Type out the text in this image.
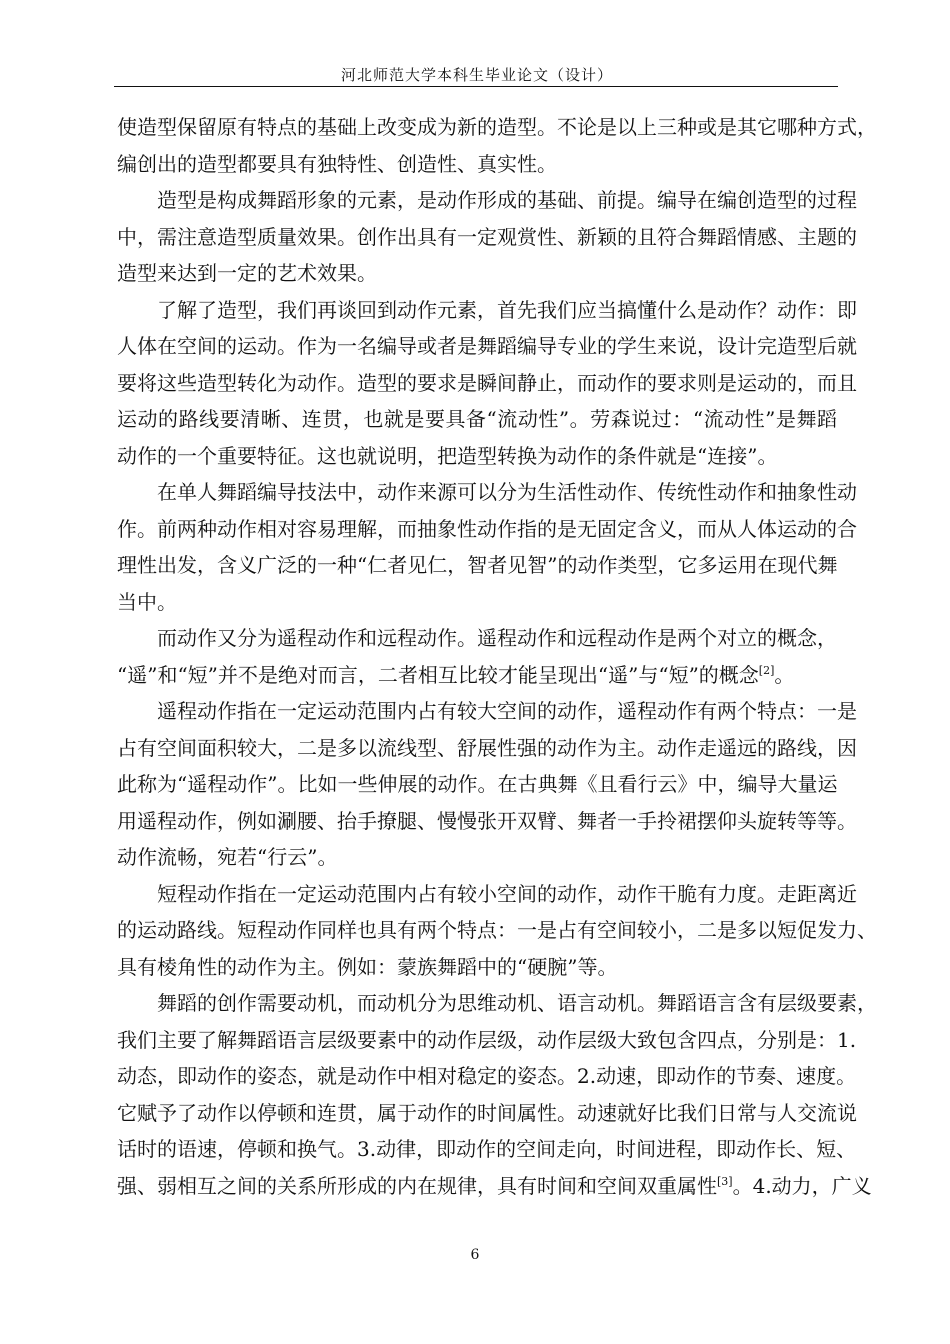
河北师范大学本科生毕业论文（设计）
使造型保留原有特点的基础上改变成为新的造型。不论是以上三种或是其它哪种方式，
编创出的造型都要具有独特性、创造性、真实性。
造型是构成舞蹈形象的元素，是动作形成的基础、前提。编导在编创造型的过程
中，需注意造型质量效果。创作出具有一定观赏性、新颖的且符合舞蹈情感、主题的
造型来达到一定的艺术效果。
了解了造型，我们再谈回到动作元素，首先我们应当搞懂什么是动作？动作：即
人体在空间的运动。作为一名编导或者是舞蹈编导专业的学生来说，设计完造型后就
要将这些造型转化为动作。造型的要求是瞬间静止，而动作的要求则是运动的，而且
运动的路线要清晰、连贯，也就是要具备“流动性”。劳森说过：“流动性”是舞蹈
动作的一个重要特征。这也就说明，把造型转换为动作的条件就是“连接”。
在单人舞蹈编导技法中，动作来源可以分为生活性动作、传统性动作和抽象性动
作。前两种动作相对容易理解，而抽象性动作指的是无固定含义，而从人体运动的合
理性出发，含义广泛的一种“仁者见仁，智者见智”的动作类型，它多运用在现代舞
当中。
而动作又分为遥程动作和远程动作。遥程动作和远程动作是两个对立的概念，
“遥”和“短”并不是绝对而言，二者相互比较才能呈现出“遥”与“短”的概念[2]。
遥程动作指在一定运动范围内占有较大空间的动作，遥程动作有两个特点：一是
占有空间面积较大，二是多以流线型、舒展性强的动作为主。动作走遥远的路线，因
此称为“遥程动作”。比如一些伸展的动作。在古典舞《且看行云》中，编导大量运
用遥程动作，例如涮腰、抬手撩腿、慢慢张开双臂、舞者一手拎裙摆仰头旋转等等。
动作流畅，宛若“行云”。
短程动作指在一定运动范围内占有较小空间的动作，动作干脆有力度。走距离近
的运动路线。短程动作同样也具有两个特点：一是占有空间较小，二是多以短促发力、
具有棱角性的动作为主。例如：蒙族舞蹈中的“硬腕”等。
舞蹈的创作需要动机，而动机分为思维动机、语言动机。舞蹈语言含有层级要素，
我们主要了解舞蹈语言层级要素中的动作层级，动作层级大致包含四点，分别是：1.
动态，即动作的姿态，就是动作中相对稳定的姿态。2.动速，即动作的节奏、速度。
它赋予了动作以停顿和连贯，属于动作的时间属性。动速就好比我们日常与人交流说
话时的语速，停顿和换气。3.动律，即动作的空间走向，时间进程，即动作长、短、
强、弱相互之间的关系所形成的内在规律，具有时间和空间双重属性[3]。4.动力，广义
6
